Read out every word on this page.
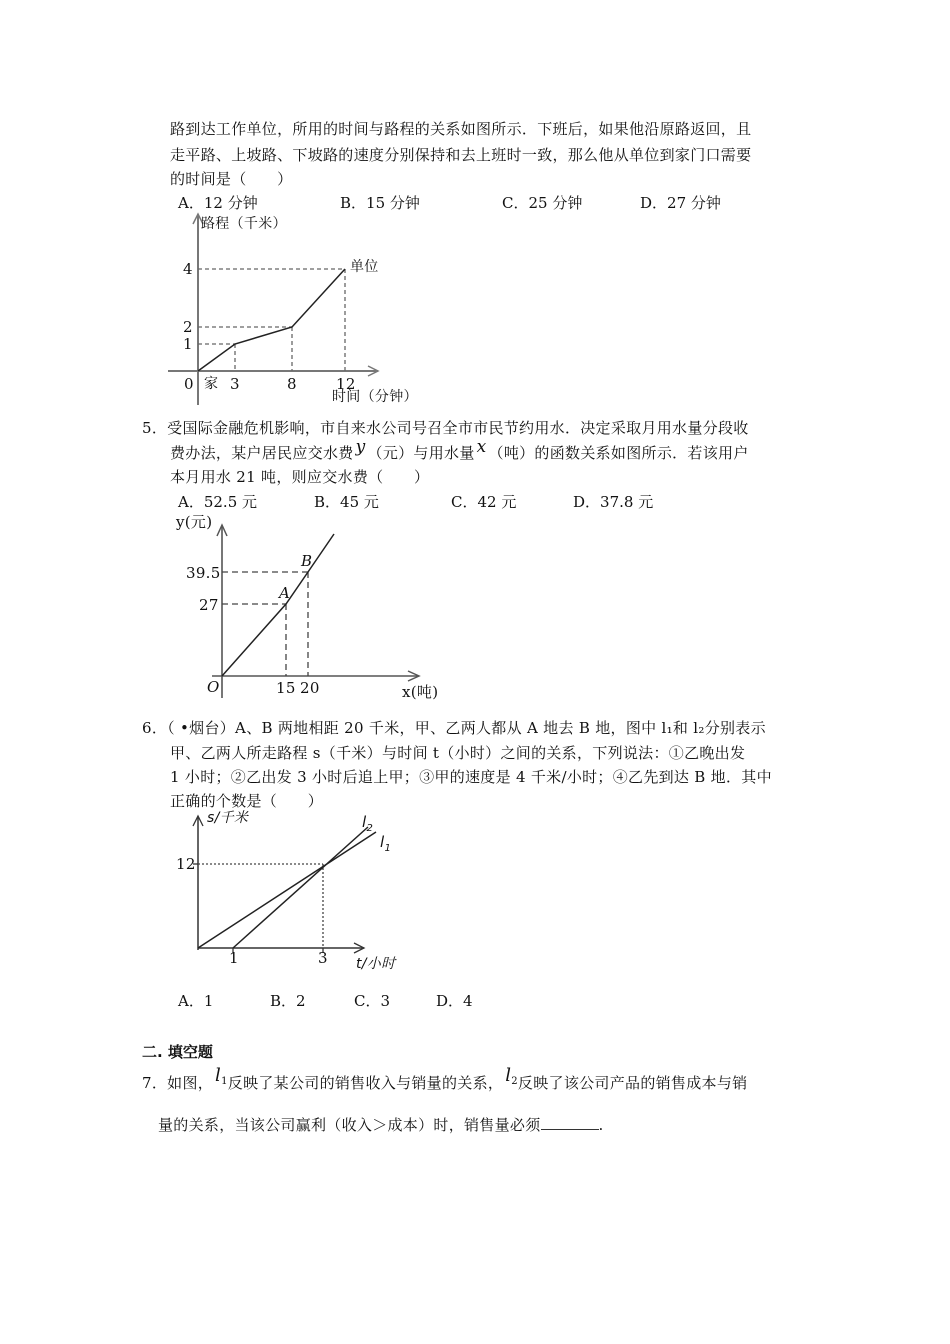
路到达工作单位，所用的时间与路程的关系如图所示．下班后，如果他沿原路返回，且
走平路、上坡路、下坡路的速度分别保持和去上班时一致，那么他从单位到家门口需要
的时间是（　　）
A．12 分钟	B．15 分钟	C．25 分钟	D．27 分钟
路程（千米）
单位
4
2
1
0 家 3	8	12
时间（分钟）
5．受国际金融危机影响，市自来水公司号召全市市民节约用水．决定采取月用水量分段收
费办法，某户居民应交水费 y （元）与用水量 x （吨）的函数关系如图所示．若该用户
本月用水 21 吨，则应交水费（　　）
A．52.5 元	B．45 元	C．42 元	D．37.8 元
y(元)
B
A
39.5
27
O	15 20	x(吨)
6．（ •烟台）A、B 两地相距 20 千米，甲、乙两人都从 A 地去 B 地，图中 l₁和 l₂分别表示
甲、乙两人所走路程 s（千米）与时间 t（小时）之间的关系，下列说法：①乙晚出发
1 小时；②乙出发 3 小时后追上甲；③甲的速度是 4 千米/小时；④乙先到达 B 地．其中
正确的个数是（　　）
s/千米	$l_2$
$l_1$
12
1	3 t/小时
A．1	B．2	C．3	D．4
二. 填空题
7．如图， $l_1$反映了某公司的销售收入与销量的关系， $l_2$反映了该公司产品的销售成本与销
量的关系，当该公司赢利（收入＞成本）时，销售量必须	.
